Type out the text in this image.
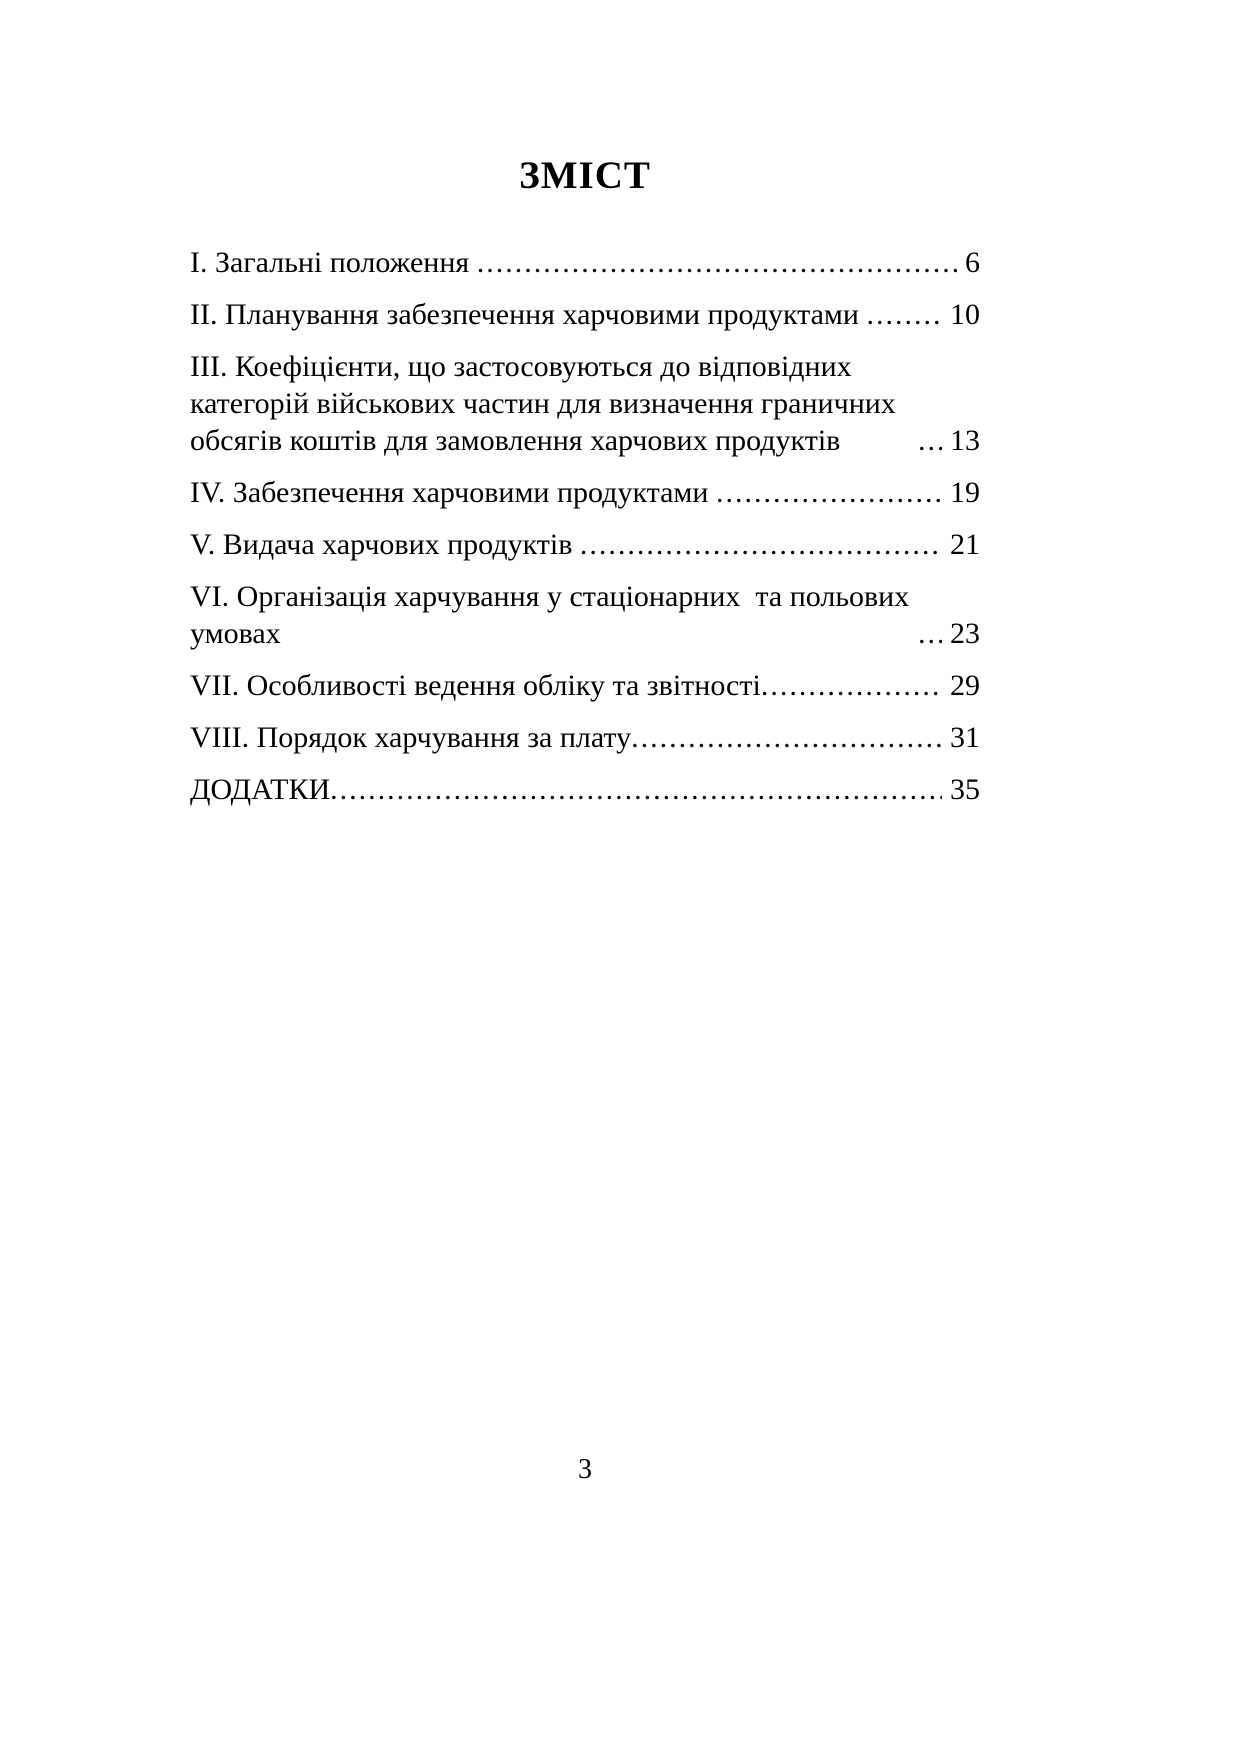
ЗМІСТ

I. Загальні положення .....	6

II. Планування забезпечення харчовими продуктами .....	10

III. Коефіцієнти, що застосовуються до відповідних категорій військових частин для визначення граничних обсягів коштів для замовлення харчових продуктів .....	13

IV. Забезпечення харчовими продуктами .....	19

V. Видача харчових продуктів .....	21

VI. Організація харчування у стаціонарних  та польових умовах .....	23

VII. Особливості ведення обліку та звітності .....	29

VIII. Порядок харчування за плату .....	31

ДОДАТКИ .....	35

3
